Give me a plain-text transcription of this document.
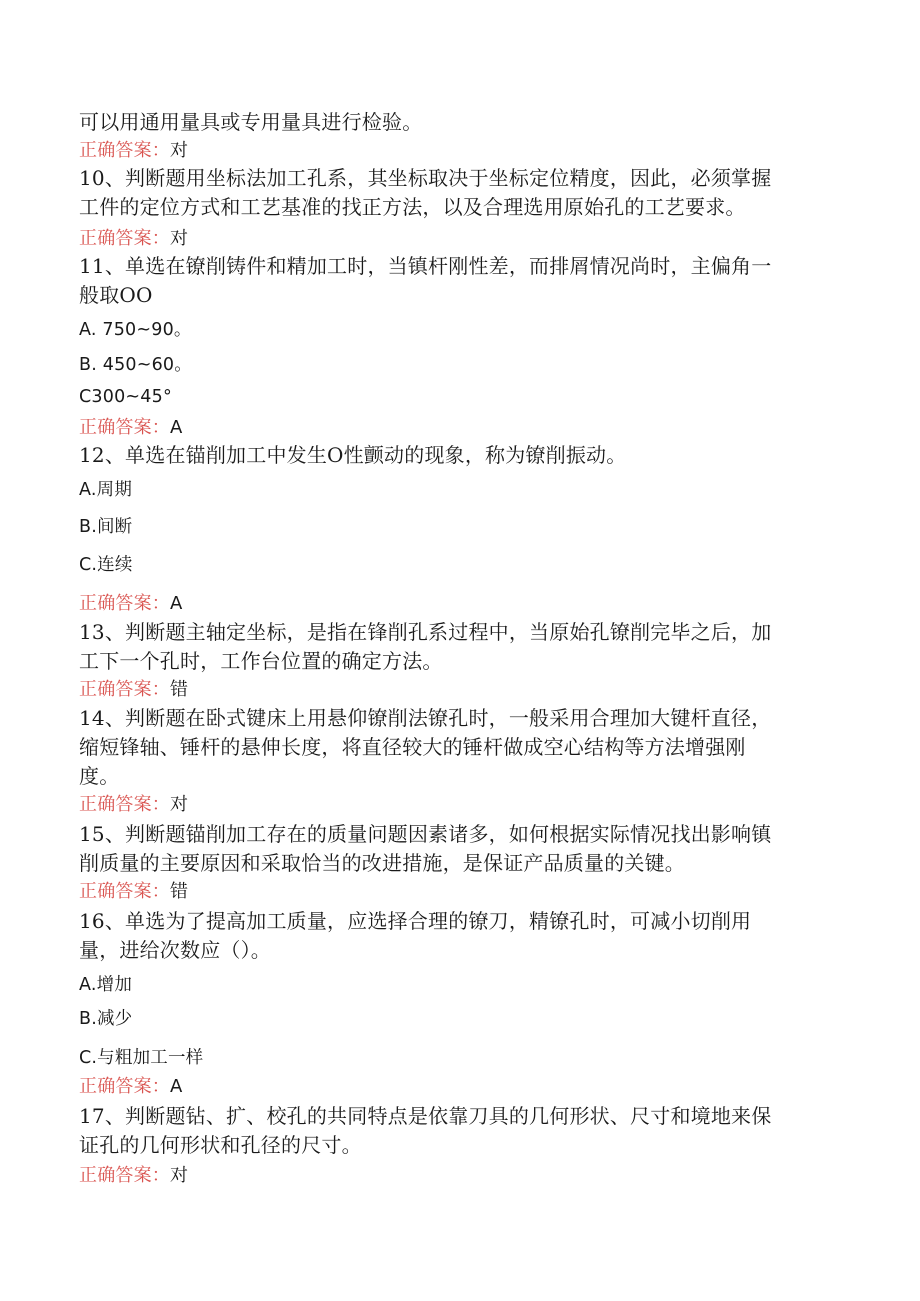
可以用通用量具或专用量具进行检验。
正确答案：对
10、判断题用坐标法加工孔系，其坐标取决于坐标定位精度，因此，必须掌握
工件的定位方式和工艺基准的找正方法，以及合理选用原始孔的工艺要求。
正确答案：对
11、单选在镣削铸件和精加工时，当镇杆刚性差，而排屑情况尚时，主偏角一
般取OO
A. 750~90。
B. 450~60。
C300~45°
正确答案：A
12、单选在锚削加工中发生O性颤动的现象，称为镣削振动。
A.周期
B.间断
C.连续
正确答案：A
13、判断题主轴定坐标，是指在锋削孔系过程中，当原始孔镣削完毕之后，加
工下一个孔时，工作台位置的确定方法。
正确答案：错
14、判断题在卧式键床上用悬仰镣削法镣孔时，一般采用合理加大键杆直径，
缩短锋轴、锤杆的悬伸长度，将直径较大的锤杆做成空心结构等方法增强刚
度。
正确答案：对
15、判断题锚削加工存在的质量问题因素诸多，如何根据实际情况找出影响镇
削质量的主要原因和采取恰当的改进措施，是保证产品质量的关键。
正确答案：错
16、单选为了提高加工质量，应选择合理的镣刀，精镣孔时，可减小切削用
量，进给次数应（）。
A.增加
B.减少
C.与粗加工一样
正确答案：A
17、判断题钻、扩、校孔的共同特点是依靠刀具的几何形状、尺寸和境地来保
证孔的几何形状和孔径的尺寸。
正确答案：对
